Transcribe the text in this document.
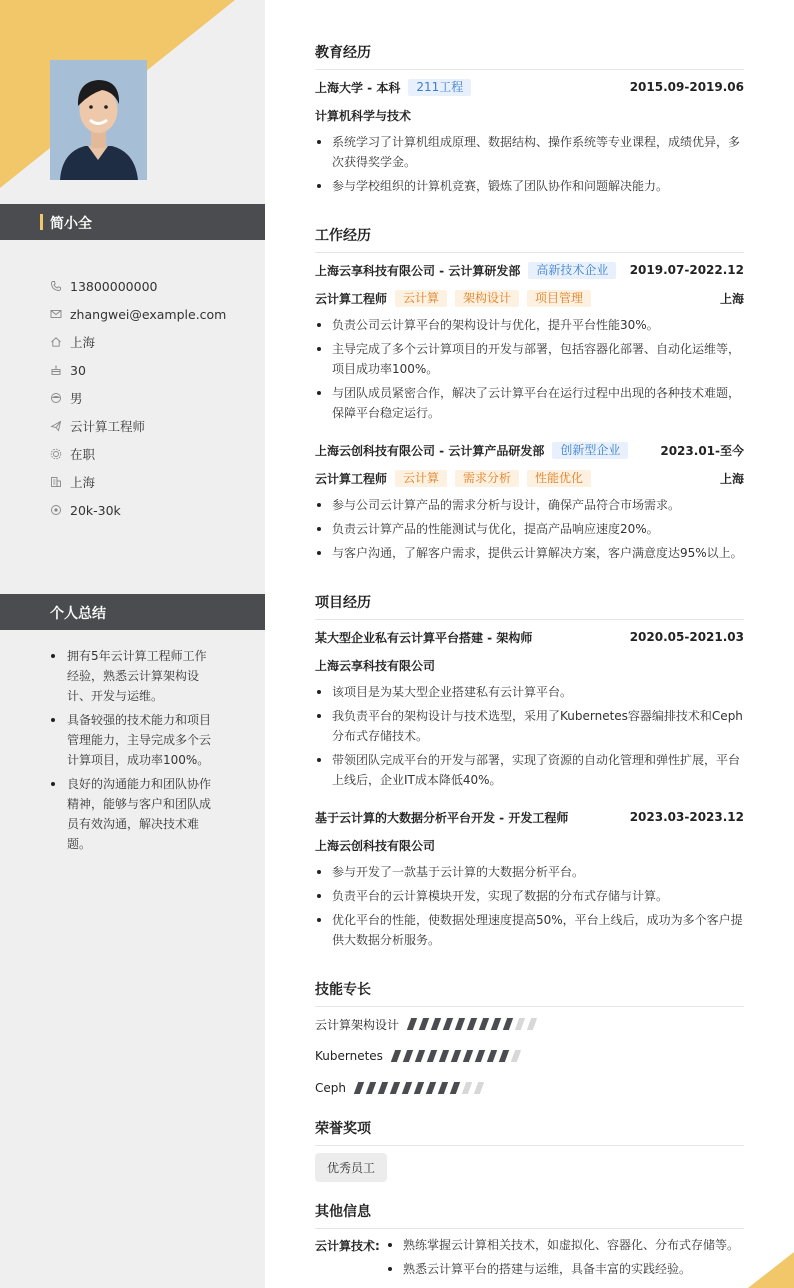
简小全
13800000000
zhangwei@example.com
上海
30
男
云计算工程师
在职
上海
20k-30k
个人总结
拥有5年云计算工程师工作经验，熟悉云计算架构设计、开发与运维。
具备较强的技术能力和项目管理能力，主导完成多个云计算项目，成功率100%。
良好的沟通能力和团队协作精神，能够与客户和团队成员有效沟通，解决技术难题。
教育经历
上海大学 - 本科	211工程	2015.09-2019.06
计算机科学与技术
系统学习了计算机组成原理、数据结构、操作系统等专业课程，成绩优异，多次获得奖学金。
参与学校组织的计算机竞赛，锻炼了团队协作和问题解决能力。
工作经历
上海云享科技有限公司 - 云计算研发部	高新技术企业	2019.07-2022.12
云计算工程师	云计算	架构设计	项目管理	上海
负责公司云计算平台的架构设计与优化，提升平台性能30%。
主导完成了多个云计算项目的开发与部署，包括容器化部署、自动化运维等，项目成功率100%。
与团队成员紧密合作，解决了云计算平台在运行过程中出现的各种技术难题，保障平台稳定运行。
上海云创科技有限公司 - 云计算产品研发部	创新型企业	2023.01-至今
云计算工程师	云计算	需求分析	性能优化	上海
参与公司云计算产品的需求分析与设计，确保产品符合市场需求。
负责云计算产品的性能测试与优化，提高产品响应速度20%。
与客户沟通，了解客户需求，提供云计算解决方案，客户满意度达95%以上。
项目经历
某大型企业私有云计算平台搭建 - 架构师	2020.05-2021.03
上海云享科技有限公司
该项目是为某大型企业搭建私有云计算平台。
我负责平台的架构设计与技术选型，采用了Kubernetes容器编排技术和Ceph分布式存储技术。
带领团队完成平台的开发与部署，实现了资源的自动化管理和弹性扩展，平台上线后，企业IT成本降低40%。
基于云计算的大数据分析平台开发 - 开发工程师	2023.03-2023.12
上海云创科技有限公司
参与开发了一款基于云计算的大数据分析平台。
负责平台的云计算模块开发，实现了数据的分布式存储与计算。
优化平台的性能，使数据处理速度提高50%，平台上线后，成功为多个客户提供大数据分析服务。
技能专长
云计算架构设计
Kubernetes
Ceph
荣誉奖项
优秀员工
其他信息
云计算技术:	熟练掌握云计算相关技术，如虚拟化、容器化、分布式存储等。
熟悉云计算平台的搭建与运维，具备丰富的实践经验。
